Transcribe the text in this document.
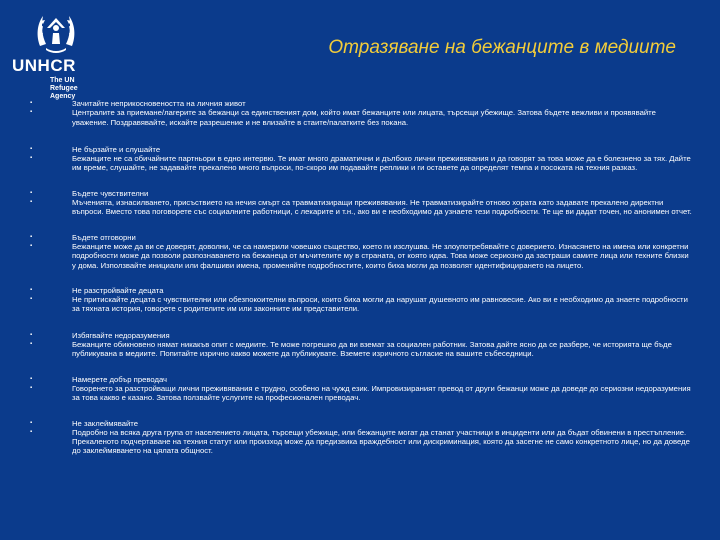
UNHCR
The UN
Refugee Agency
Отразяване на бежанците в медиите
▪	Зачитайте неприкосновеността на личния живот
▪	Централите за приемане/лагерите за бежанци са единственият дом, който имат бежанците или лицата, търсещи убежище. Затова бъдете вежливи и проявявайте уважение. Поздравявайте, искайте разрешение и не влизайте в стаите/палатките без покана.
▪	Не бързайте и слушайте
▪	Бежанците не са обичайните партньори в едно интервю. Те имат много драматични и дълбоко лични преживявания и да говорят за това може да е болезнено за тях. Дайте им време, слушайте, не задавайте прекалено много въпроси, по-скоро им подавайте реплики и ги оставете да определят темпа и посоката на техния разказ.
▪	Бъдете чувствителни
▪	Мъченията, изнасилването, присъствието на нечия смърт са травматизиращи преживявания. Не травматизирайте отново хората като задавате прекалено директни въпроси. Вместо това поговорете със социалните работници, с лекарите и т.н., ако ви е необходимо да узнаете тези подробности. Те ще ви дадат точен, но анонимен отчет.
▪	Бъдете отговорни
▪	Бежанците може да ви се доверят, доволни, че са намерили човешко същество, което ги изслушва. Не злоупотребявайте с доверието. Изнасянето на имена или конкретни подробности може да позволи разпознаването на бежанеца от мъчителите му в страната, от която идва. Това може сериозно да застраши самите лица или техните близки у дома. Използвайте инициали или фалшиви имена, променяйте подробностите, които биха могли да позволят идентифицирането на лицето.
▪	Не разстройвайте децата
▪	Не притискайте децата с чувствителни или обезпокоителни въпроси, които биха могли да нарушат душевното им равновесие. Ако ви е необходимо да знаете подробности за тяхната история, говорете с родителите им или законните им представители.
▪	Избягвайте недоразумения
▪	Бежанците обикновено нямат никакъв опит с медиите. Те може погрешно да ви вземат за социален работник. Затова дайте ясно да се разбере, че историята ще бъде публикувана в медиите. Попитайте изрично какво можете да публикувате. Вземете изричното съгласие на вашите събеседници.
▪	Намерете добър преводач
▪	Говоренето за разстройващи лични преживявания е трудно, особено на чужд език. Импровизираният превод от други бежанци може да доведе до сериозни недоразумения за това какво е казано. Затова ползвайте услугите на професионален преводач.
▪	Не заклеймявайте
▪	Подробно на всяка друга група от населението лицата, търсещи убежище, или бежанците могат да станат участници в инциденти или да бъдат обвинени в престъпление. Прекаленото подчертаване на техния статут или произход може да предизвика враждебност или дискриминация, която да засегне не само конкретното лице, но да доведе до заклеймяването на цялата общност.
